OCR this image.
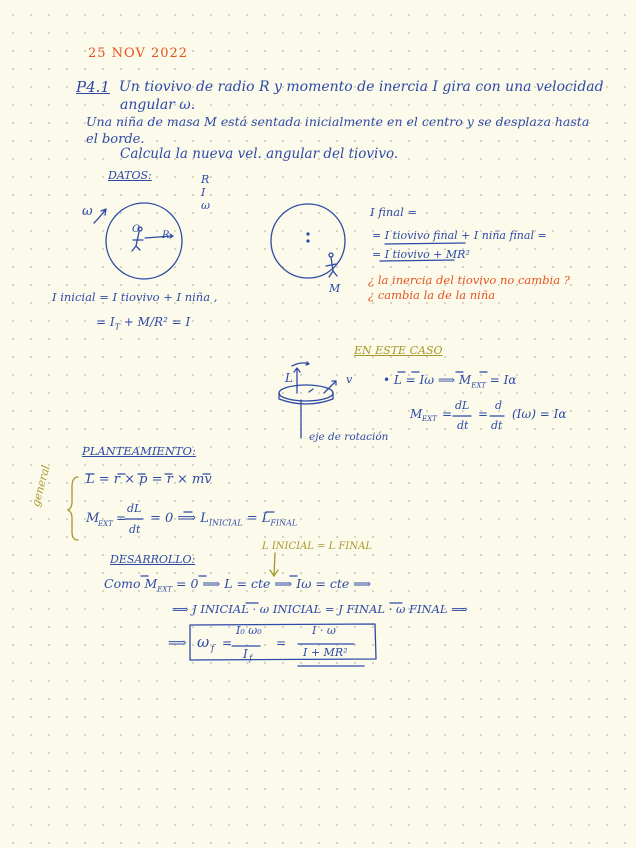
25 NOV 2022
P4.1 Un tiovivo de radio R y momento de inercia I gira con una velocidad
angular ω.
Una niña de masa M está sentada inicialmente en el centro y se desplaza hasta
el borde.
Calcula la nueva vel. angular del tiovivo.
DATOS:	R
I
ω
ω
O
R
M
I inicial = I tiovivo + I niña ,
= $I_T + M/R^2 = I$
I final =
= I tiovivo final + I niña final =
= I tiovivo + MR²
¿ la inercia del tiovivo no cambia ?
¿ cambia la de la niña
EN ESTE CASO
L	v	• L = Iω ⟹ $M_{EXT} = I\alpha$
M EXT =
dL
dt
=
d
dt
(Iω) = Iα
eje de rotación
PLANTEAMIENTO:
general	L = r × p = r × mv
M
EXT =
dL
dt
= 0 ⟹ $L_{INICIAL} = L_{FINAL}$
DESARROLLO:
L INICIAL = L FINAL
Como $M_{EXT} = 0$ ⟹ L = cte ⟹ Iω = cte ⟹
⟹ J INICIAL · ω INICIAL = J FINAL · ω FINAL ⟹
⟹ ω f =
I₀ ω₀
I f
=
I · ω
I + MR²
